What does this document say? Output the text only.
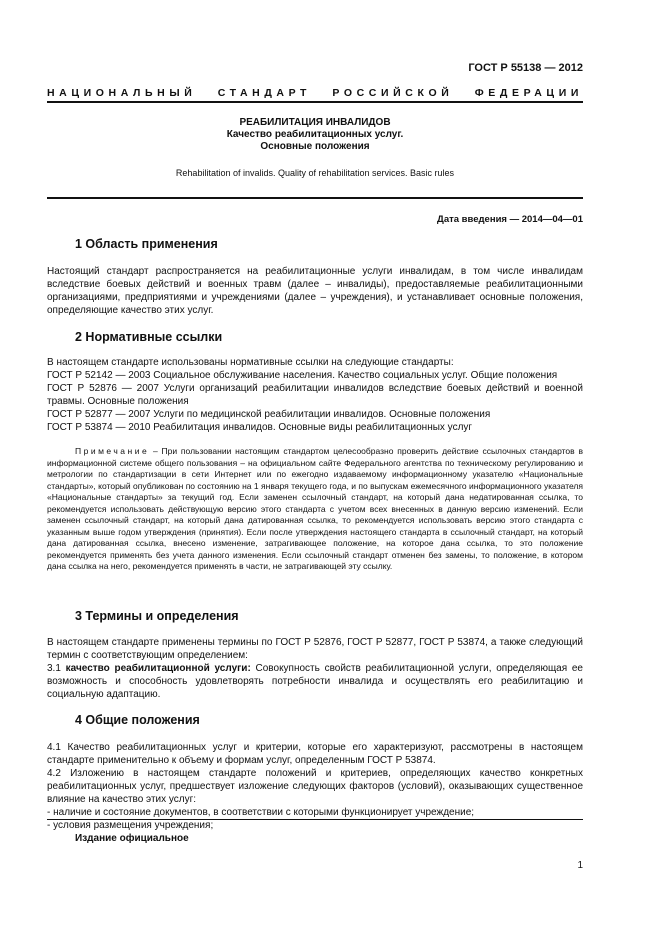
ГОСТ Р 55138 — 2012
НАЦИОНАЛЬНЫЙ СТАНДАРТ РОССИЙСКОЙ ФЕДЕРАЦИИ
РЕАБИЛИТАЦИЯ ИНВАЛИДОВ
Качество реабилитационных услуг.
Основные положения
Rehabilitation of invalids. Quality of rehabilitation services. Basic rules
Дата введения — 2014—04—01
1 Область применения

Настоящий стандарт распространяется на реабилитационные услуги инвалидам, в том числе инвалидам вследствие боевых действий и военных травм (далее – инвалиды), предоставляемые реабилитационными организациями, предприятиями и учреждениями (далее – учреждения), и устанавливает основные положения, определяющие качество этих услуг.

2 Нормативные ссылки

В настоящем стандарте использованы нормативные ссылки на следующие стандарты:

ГОСТ Р 52142 — 2003 Социальное обслуживание населения. Качество социальных услуг. Общие положения

ГОСТ Р 52876 — 2007 Услуги организаций реабилитации инвалидов вследствие боевых действий и военной травмы. Основные положения

ГОСТ Р 52877 — 2007 Услуги по медицинской реабилитации инвалидов. Основные положения

ГОСТ Р 53874 — 2010 Реабилитация инвалидов. Основные виды реабилитационных услуг

Примечание – При пользовании настоящим стандартом целесообразно проверить действие ссылочных стандартов в информационной системе общего пользования – на официальном сайте Федерального агентства по техническому регулированию и метрологии по стандартизации в сети Интернет или по ежегодно издаваемому информационному указателю «Национальные стандарты», который опубликован по состоянию на 1 января текущего года, и по выпускам ежемесячного информационного указателя «Национальные стандарты» за текущий год. Если заменен ссылочный стандарт, на который дана недатированная ссылка, то рекомендуется использовать действующую версию этого стандарта с учетом всех внесенных в данную версию изменений. Если заменен ссылочный стандарт, на который дана датированная ссылка, то рекомендуется использовать версию этого стандарта с указанным выше годом утверждения (принятия). Если после утверждения настоящего стандарта в ссылочный стандарт, на который дана датированная ссылка, внесено изменение, затрагивающее положение, на которое дана ссылка, то это положение рекомендуется применять без учета данного изменения. Если ссылочный стандарт отменен без замены, то положение, в котором дана ссылка на него, рекомендуется применять в части, не затрагивающей эту ссылку.

3 Термины и определения

В настоящем стандарте применены термины по ГОСТ Р 52876, ГОСТ Р 52877, ГОСТ Р 53874, а также следующий термин с соответствующим определением:

3.1 качество реабилитационной услуги: Совокупность свойств реабилитационной услуги, определяющая ее возможность и способность удовлетворять потребности инвалида и осуществлять его реабилитацию и социальную адаптацию.

4 Общие положения

4.1 Качество реабилитационных услуг и критерии, которые его характеризуют, рассмотрены в настоящем стандарте применительно к объему и формам услуг, определенным ГОСТ Р 53874.

4.2 Изложению в настоящем стандарте положений и критериев, определяющих качество конкретных реабилитационных услуг, предшествует изложение следующих факторов (условий), оказывающих существенное влияние на качество этих услуг:

- наличие и состояние документов, в соответствии с которыми функционирует учреждение;

- условия размещения учреждения;

Издание официальное
1
